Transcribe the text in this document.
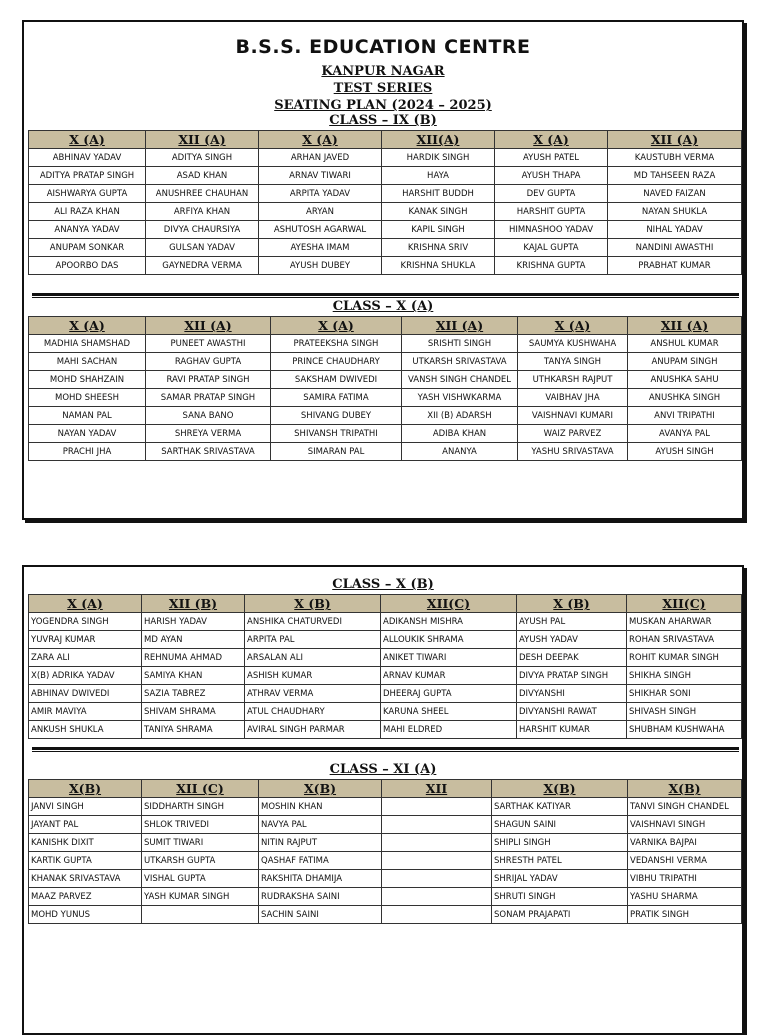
B.S.S. EDUCATION CENTRE
KANPUR NAGAR
TEST SERIES
SEATING PLAN (2024 – 2025)
CLASS – IX (B)
X (A)	XII (A)	X (A)	XII(A)	X (A)	XII (A)
ABHINAV YADAV	ADITYA SINGH	ARHAN JAVED	HARDIK SINGH	AYUSH PATEL	KAUSTUBH VERMA
ADITYA PRATAP SINGH	ASAD KHAN	ARNAV TIWARI	HAYA	AYUSH THAPA	MD TAHSEEN RAZA
AISHWARYA GUPTA	ANUSHREE CHAUHAN	ARPITA YADAV	HARSHIT BUDDH	DEV GUPTA	NAVED FAIZAN
ALI RAZA KHAN	ARFIYA KHAN	ARYAN	KANAK SINGH	HARSHIT GUPTA	NAYAN SHUKLA
ANANYA YADAV	DIVYA CHAURSIYA	ASHUTOSH AGARWAL	KAPIL SINGH	HIMNASHOO YADAV	NIHAL YADAV
ANUPAM SONKAR	GULSAN YADAV	AYESHA IMAM	KRISHNA SRIV	KAJAL GUPTA	NANDINI AWASTHI
APOORBO DAS	GAYNEDRA VERMA	AYUSH DUBEY	KRISHNA SHUKLA	KRISHNA GUPTA	PRABHAT KUMAR
CLASS – X (A)
X (A)	XII (A)	X (A)	XII (A)	X (A)	XII (A)
MADHIA SHAMSHAD	PUNEET AWASTHI	PRATEEKSHA SINGH	SRISHTI SINGH	SAUMYA KUSHWAHA	ANSHUL KUMAR
MAHI SACHAN	RAGHAV GUPTA	PRINCE CHAUDHARY	UTKARSH SRIVASTAVA	TANYA SINGH	ANUPAM SINGH
MOHD SHAHZAIN	RAVI PRATAP SINGH	SAKSHAM DWIVEDI	VANSH SINGH CHANDEL	UTHKARSH RAJPUT	ANUSHKA SAHU
MOHD SHEESH	SAMAR PRATAP SINGH	SAMIRA FATIMA	YASH VISHWKARMA	VAIBHAV JHA	ANUSHKA SINGH
NAMAN PAL	SANA BANO	SHIVANG DUBEY	XII (B) ADARSH	VAISHNAVI KUMARI	ANVI TRIPATHI
NAYAN YADAV	SHREYA VERMA	SHIVANSH TRIPATHI	ADIBA KHAN	WAIZ PARVEZ	AVANYA PAL
PRACHI JHA	SARTHAK SRIVASTAVA	SIMARAN PAL	ANANYA	YASHU SRIVASTAVA	AYUSH SINGH
CLASS – X (B)
X (A)	XII (B)	X (B)	XII(C)	X (B)	XII(C)
YOGENDRA SINGH	HARISH YADAV	ANSHIKA CHATURVEDI	ADIKANSH MISHRA	AYUSH PAL	MUSKAN AHARWAR
YUVRAJ KUMAR	MD AYAN	ARPITA PAL	ALLOUKIK SHRAMA	AYUSH YADAV	ROHAN SRIVASTAVA
ZARA ALI	REHNUMA AHMAD	ARSALAN ALI	ANIKET TIWARI	DESH DEEPAK	ROHIT KUMAR SINGH
X(B) ADRIKA YADAV	SAMIYA KHAN	ASHISH KUMAR	ARNAV KUMAR	DIVYA PRATAP SINGH	SHIKHA SINGH
ABHINAV DWIVEDI	SAZIA TABREZ	ATHRAV VERMA	DHEERAJ GUPTA	DIVYANSHI	SHIKHAR SONI
AMIR MAVIYA	SHIVAM SHRAMA	ATUL CHAUDHARY	KARUNA SHEEL	DIVYANSHI RAWAT	SHIVASH SINGH
ANKUSH SHUKLA	TANIYA SHRAMA	AVIRAL SINGH PARMAR	MAHI ELDRED	HARSHIT KUMAR	SHUBHAM KUSHWAHA
CLASS – XI (A)
X(B)	XII (C)	X(B)	XII	X(B)	X(B)
JANVI SINGH	SIDDHARTH SINGH	MOSHIN KHAN		SARTHAK KATIYAR	TANVI SINGH CHANDEL
JAYANT PAL	SHLOK TRIVEDI	NAVYA PAL		SHAGUN SAINI	VAISHNAVI SINGH
KANISHK DIXIT	SUMIT TIWARI	NITIN RAJPUT		SHIPLI SINGH	VARNIKA BAJPAI
KARTIK GUPTA	UTKARSH GUPTA	QASHAF FATIMA		SHRESTH PATEL	VEDANSHI VERMA
KHANAK SRIVASTAVA	VISHAL GUPTA	RAKSHITA DHAMIJA		SHRIJAL YADAV	VIBHU TRIPATHI
MAAZ PARVEZ	YASH KUMAR SINGH	RUDRAKSHA SAINI		SHRUTI SINGH	YASHU SHARMA
MOHD YUNUS		SACHIN SAINI		SONAM PRAJAPATI	PRATIK SINGH
